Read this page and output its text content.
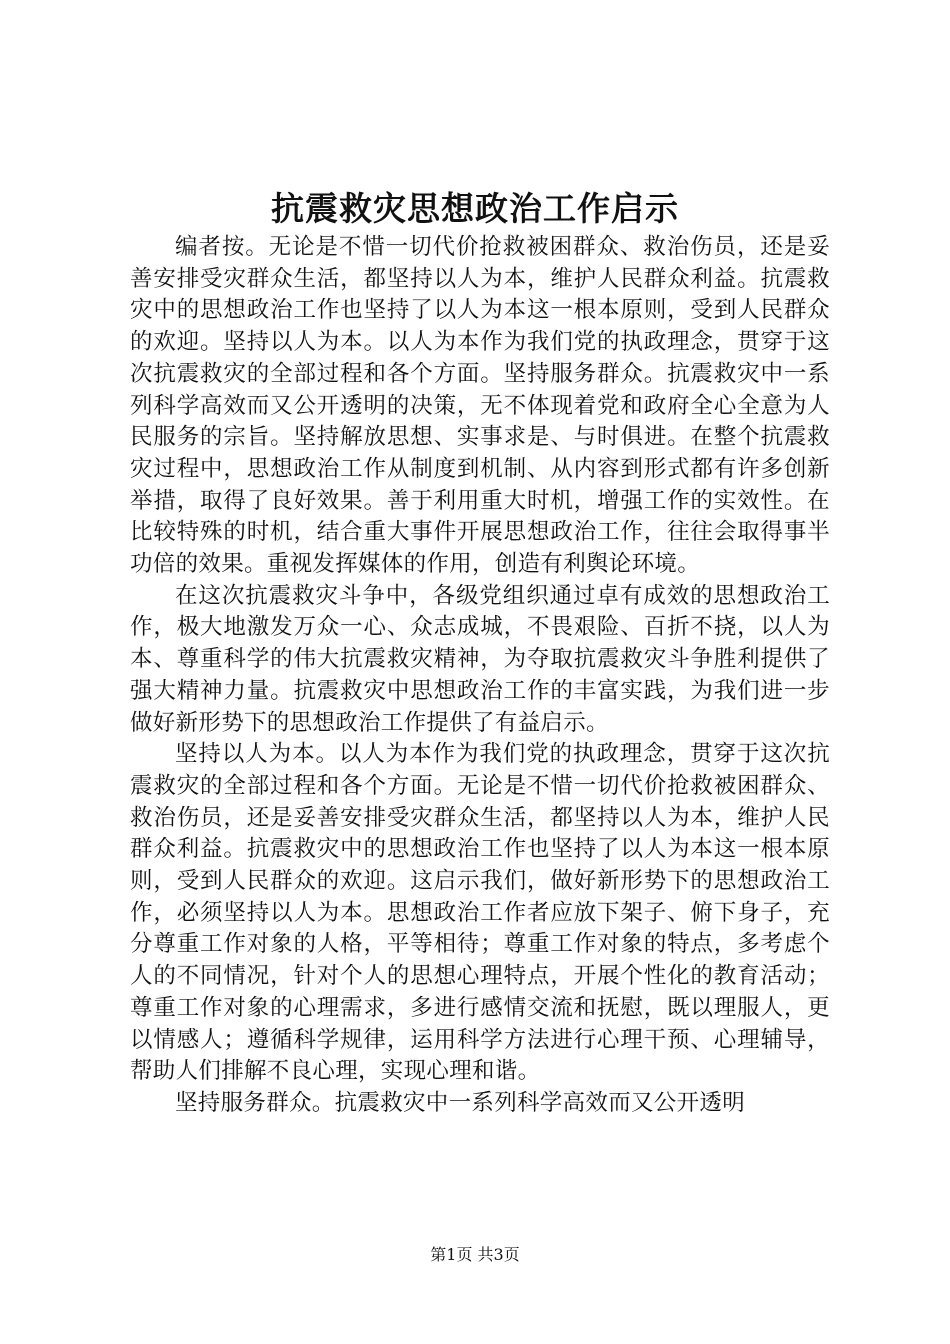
抗震救灾思想政治工作启示

编者按。无论是不惜一切代价抢救被困群众、救治伤员，还是妥善安排受灾群众生活，都坚持以人为本，维护人民群众利益。抗震救灾中的思想政治工作也坚持了以人为本这一根本原则，受到人民群众的欢迎。坚持以人为本。以人为本作为我们党的执政理念，贯穿于这次抗震救灾的全部过程和各个方面。坚持服务群众。抗震救灾中一系列科学高效而又公开透明的决策，无不体现着党和政府全心全意为人民服务的宗旨。坚持解放思想、实事求是、与时俱进。在整个抗震救灾过程中，思想政治工作从制度到机制、从内容到形式都有许多创新举措，取得了良好效果。善于利用重大时机，增强工作的实效性。在比较特殊的时机，结合重大事件开展思想政治工作，往往会取得事半功倍的效果。重视发挥媒体的作用，创造有利舆论环境。

在这次抗震救灾斗争中，各级党组织通过卓有成效的思想政治工作，极大地激发万众一心、众志成城，不畏艰险、百折不挠，以人为本、尊重科学的伟大抗震救灾精神，为夺取抗震救灾斗争胜利提供了强大精神力量。抗震救灾中思想政治工作的丰富实践，为我们进一步做好新形势下的思想政治工作提供了有益启示。

坚持以人为本。以人为本作为我们党的执政理念，贯穿于这次抗震救灾的全部过程和各个方面。无论是不惜一切代价抢救被困群众、救治伤员，还是妥善安排受灾群众生活，都坚持以人为本，维护人民群众利益。抗震救灾中的思想政治工作也坚持了以人为本这一根本原则，受到人民群众的欢迎。这启示我们，做好新形势下的思想政治工作，必须坚持以人为本。思想政治工作者应放下架子、俯下身子，充分尊重工作对象的人格，平等相待；尊重工作对象的特点，多考虑个人的不同情况，针对个人的思想心理特点，开展个性化的教育活动；尊重工作对象的心理需求，多进行感情交流和抚慰，既以理服人，更以情感人；遵循科学规律，运用科学方法进行心理干预、心理辅导，帮助人们排解不良心理，实现心理和谐。

坚持服务群众。抗震救灾中一系列科学高效而又公开透明

第1页 共3页
